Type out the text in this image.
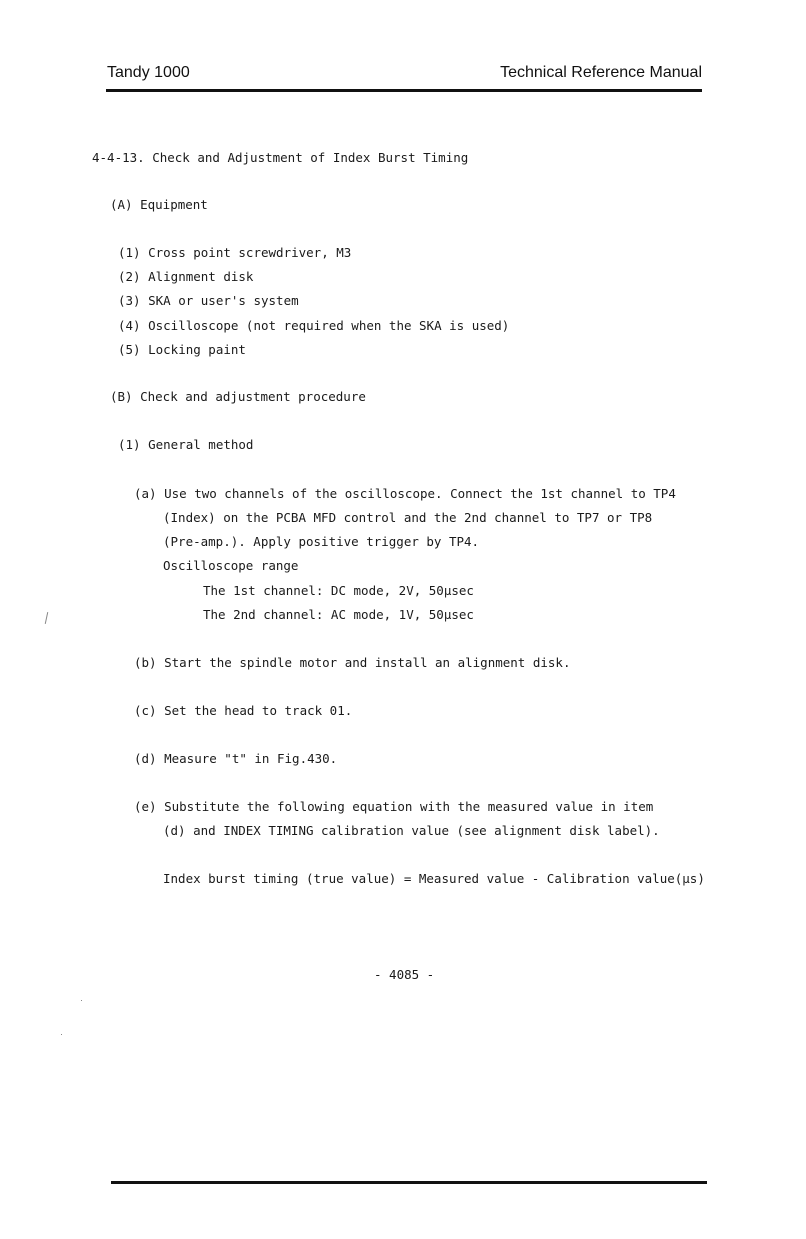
Tandy 1000	Technical Reference Manual
4-4-13. Check and Adjustment of Index Burst Timing
(A) Equipment
(1) Cross point screwdriver, M3
(2) Alignment disk
(3) SKA or user's system
(4) Oscilloscope (not required when the SKA is used)
(5) Locking paint
(B) Check and adjustment procedure
(1) General method
(a) Use two channels of the oscilloscope. Connect the 1st channel to TP4
(Index) on the PCBA MFD control and the 2nd channel to TP7 or TP8
(Pre-amp.). Apply positive trigger by TP4.
Oscilloscope range
The 1st channel: DC mode, 2V, 50μsec
The 2nd channel: AC mode, 1V, 50μsec
(b) Start the spindle motor and install an alignment disk.
(c) Set the head to track 01.
(d) Measure "t" in Fig.430.
(e) Substitute the following equation with the measured value in item
(d) and INDEX TIMING calibration value (see alignment disk label).
Index burst timing (true value) = Measured value - Calibration value(μs)
- 4085 -
